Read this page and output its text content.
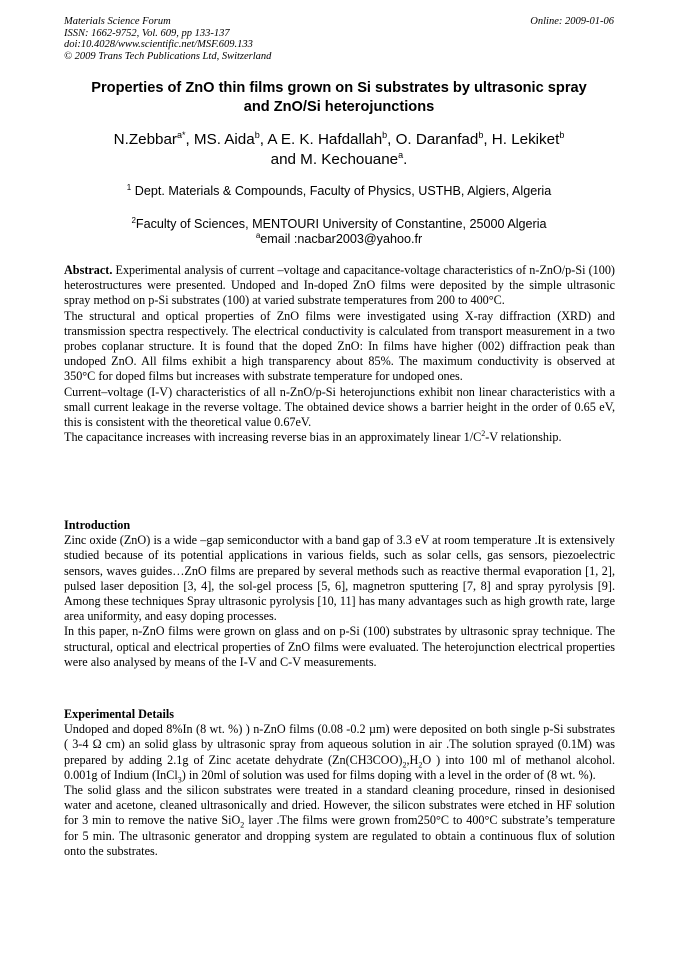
Materials Science Forum
ISSN: 1662-9752, Vol. 609, pp 133-137
doi:10.4028/www.scientific.net/MSF.609.133
© 2009 Trans Tech Publications Ltd, Switzerland
Online: 2009-01-06
Properties of ZnO thin films grown on Si substrates by ultrasonic spray
and ZnO/Si heterojunctions
N.Zebbar$^{a*}$, MS. Aida$^b$, A E. K. Hafdallah$^b$, O. Daranfad$^b$, H. Lekiket$^b$
and M. Kechouane$^a$.
$^1$ Dept. Materials & Compounds, Faculty of Physics, USTHB, Algiers, Algeria
$^2$Faculty of Sciences, MENTOURI University of Constantine, 25000 Algeria
$^a$email :nacbar2003@yahoo.fr

Abstract. Experimental analysis of current –voltage and capacitance-voltage characteristics of n-ZnO/p-Si (100) heterostructures were presented. Undoped and In-doped ZnO films were deposited by the simple ultrasonic spray method on p-Si substrates (100) at varied substrate temperatures from 200 to 400°C.

The structural and optical properties of ZnO films were investigated using X-ray diffraction (XRD) and transmission spectra respectively. The electrical conductivity is calculated from transport measurement in a two probes coplanar structure. It is found that the doped ZnO: In films have higher (002) diffraction peak than undoped ZnO. All films exhibit a high transparency about 85%. The maximum conductivity is observed at 350°C for doped films but increases with substrate temperature for undoped ones.

Current–voltage (I-V) characteristics of all n-ZnO/p-Si heterojunctions exhibit non linear characteristics with a small current leakage in the reverse voltage. The obtained device shows a barrier height in the order of 0.65 eV, this is consistent with the theoretical value 0.67eV.

The capacitance increases with increasing reverse bias in an approximately linear $1/C^2-V$ relationship.

Introduction

Zinc oxide (ZnO) is a wide –gap semiconductor with a band gap of 3.3 eV at room temperature .It is extensively studied because of its potential applications in various fields, such as solar cells, gas sensors, piezoelectric sensors, waves guides…ZnO films are prepared by several methods such as reactive thermal evaporation [1, 2], pulsed laser deposition [3, 4], the sol-gel process [5, 6], magnetron sputtering [7, 8] and spray pyrolysis [9]. Among these techniques Spray ultrasonic pyrolysis [10, 11] has many advantages such as high growth rate, large area uniformity, and easy doping processes.

In this paper, n-ZnO films were grown on glass and on p-Si (100) substrates by ultrasonic spray technique. The structural, optical and electrical properties of ZnO films were evaluated. The heterojunction electrical properties were also analysed by means of the I-V and C-V measurements.

Experimental Details

Undoped and doped 8%In (8 wt. %) ) n-ZnO films (0.08 -0.2 µm) were deposited on both single p-Si substrates ( 3-4 Ω cm) an solid glass by ultrasonic spray from aqueous solution in air .The solution sprayed (0.1M) was prepared by adding 2.1g of Zinc acetate dehydrate ($Zn(CH3COO)_2,H_2O$ ) into 100 ml of methanol alcohol. 0.001g of Indium (InCl$_3$) in 20ml of solution was used for films doping with a level in the order of (8 wt. %).

The solid glass and the silicon substrates were treated in a standard cleaning procedure, rinsed in desionised water and acetone, cleaned ultrasonically and dried. However, the silicon substrates were etched in HF solution for 3 min to remove the native SiO$_2$ layer .The films were grown from250°C to 400°C substrate’s temperature for 5 min. The ultrasonic generator and dropping system are regulated to obtain a continuous flux of solution onto the substrates.
